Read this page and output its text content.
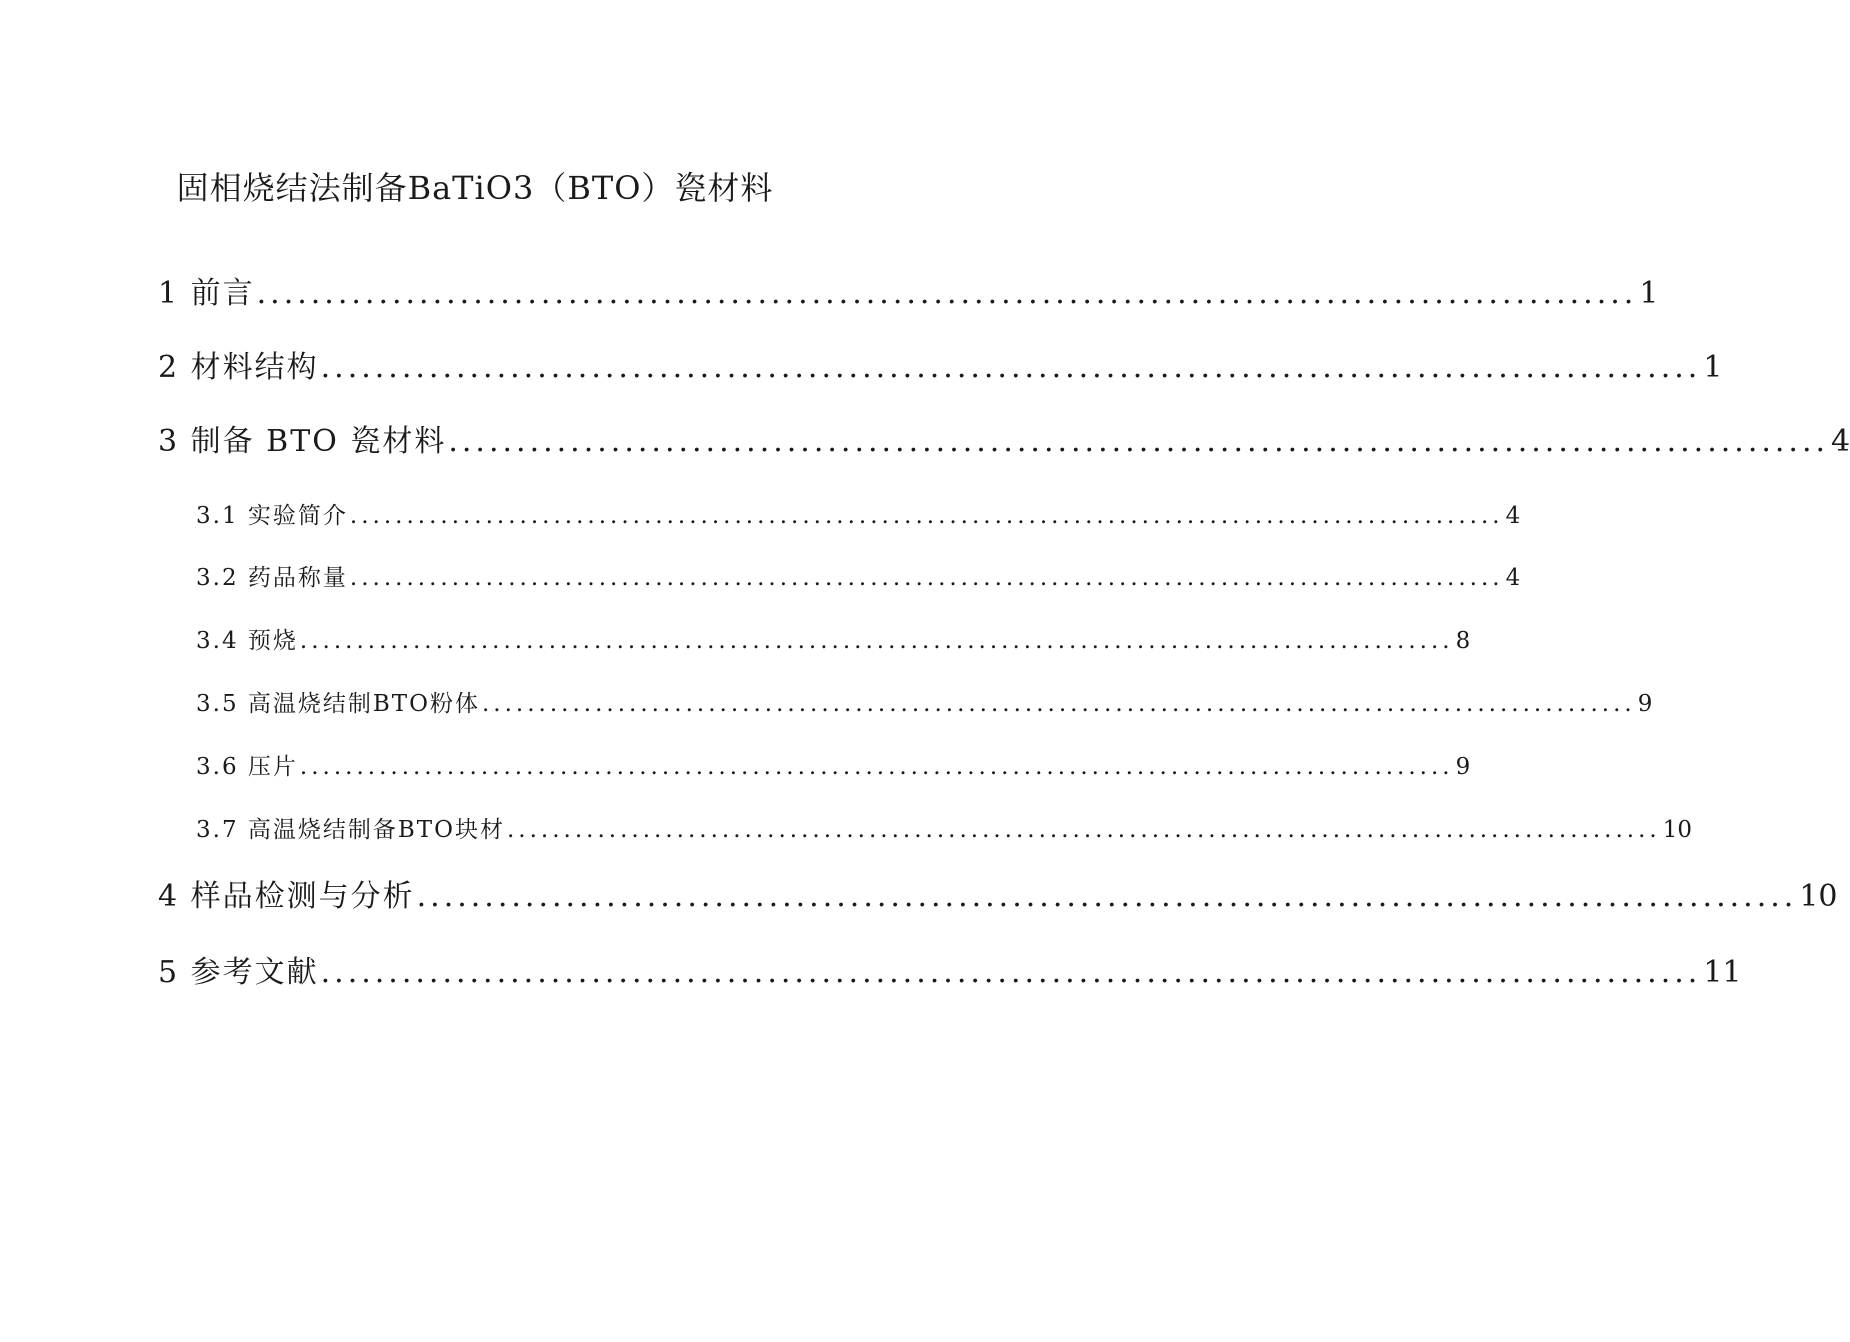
固相烧结法制备BaTiO3（BTO）瓷材料
1 前言 ...................................................................................................... 1
2 材料结构 ...................................................................................................... 1
3 制备 BTO 瓷材料 ...................................................................................................... 4
3.1 实验简介 ...................................................................................................... 4
3.2 药品称量 ...................................................................................................... 4
3.4 预烧 ...................................................................................................... 8
3.5 高温烧结制BTO粉体 ...................................................................................................... 9
3.6 压片 ...................................................................................................... 9
3.7 高温烧结制备BTO块材 ...................................................................................................... 10
4 样品检测与分析 ...................................................................................................... 10
5 参考文献 ...................................................................................................... 11
